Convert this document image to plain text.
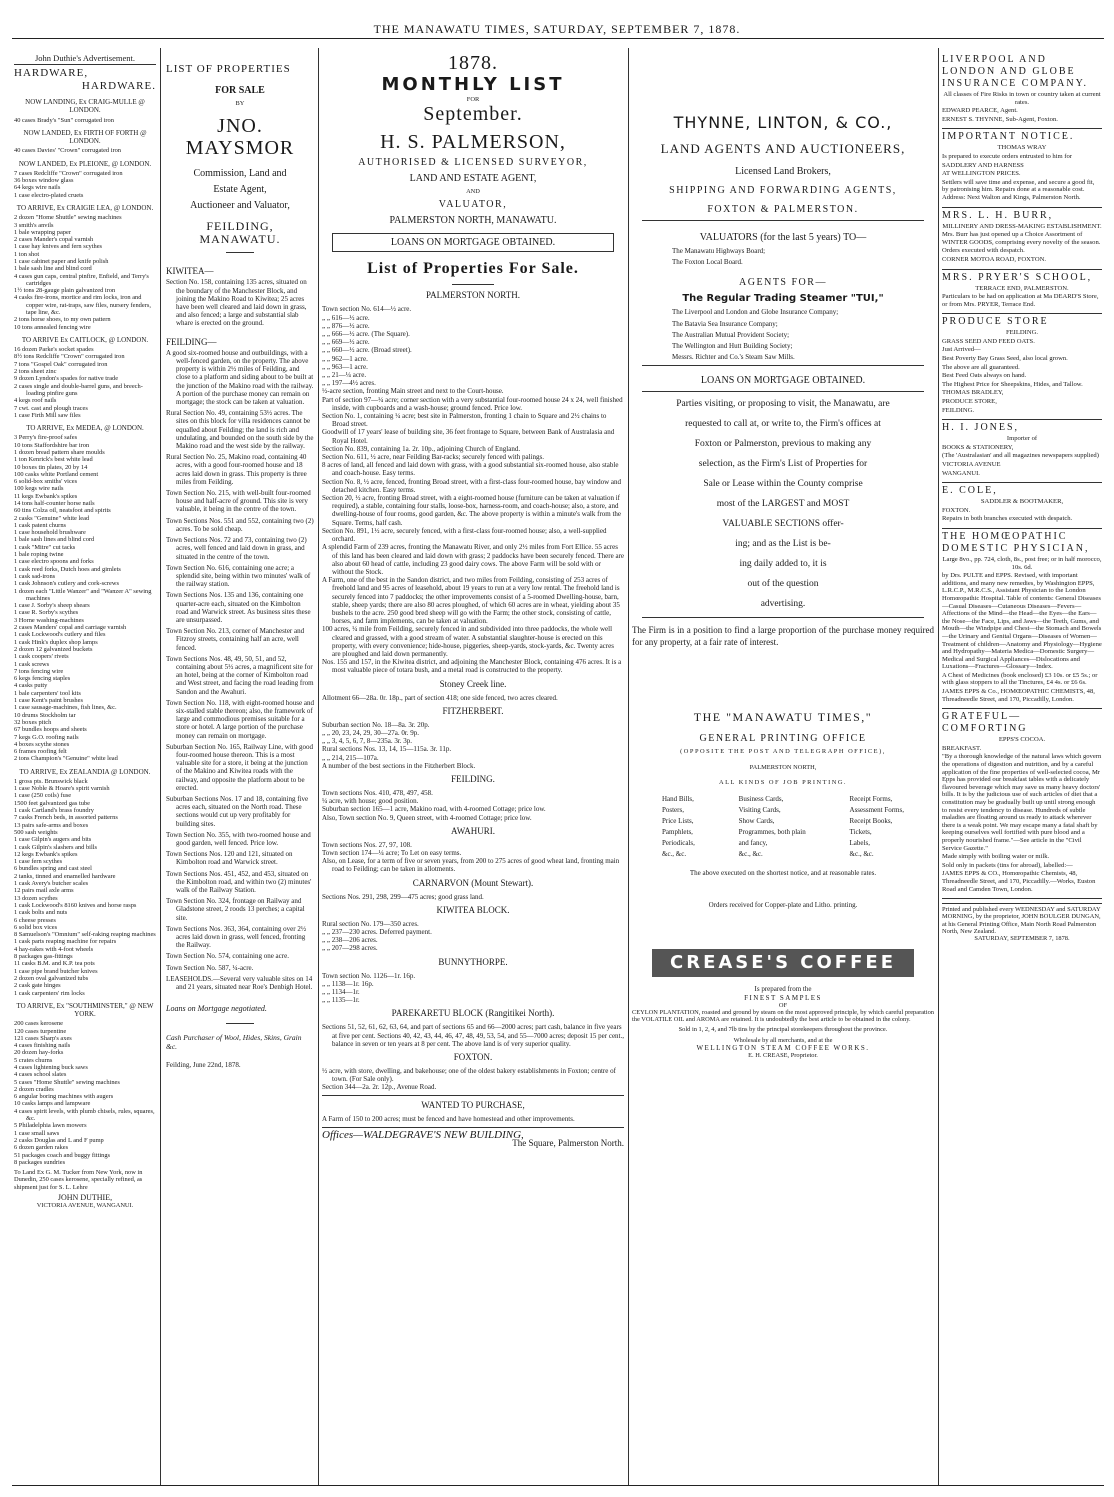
THE MANAWATU TIMES, SATURDAY, SEPTEMBER 7, 1878.
John Duthie's Advertisement.
HARDWARE,
HARDWARE.
NOW LANDING, Ex CRAIG-MULLE @ LONDON.
40 cases Brady's "Sun" corrugated iron
NOW LANDED, Ex FIRTH OF FORTH @ LONDON.
40 cases Davies' "Crown" corrugated iron
NOW LANDED, Ex PLEIONE, @ LONDON.
7 cases Redcliffe "Crown" corrugated iron
36 boxes window glass
64 kegs wire nails
1 case electro-plated cruets
TO ARRIVE, Ex CRAIGIE LEA, @ LONDON.
2 dozen "Home Shuttle" sewing machines
3 smith's anvils
1 bale wrapping paper
2 cases Mander's copal varnish
1 case hay knives and fern scythes
1 ton shot
1 case cabinet paper and knife polish
1 bale sash line and blind cord
4 cases gun caps, central pinfire, Enfield, and Terry's cartridges
1½ tons 28-gauge plain galvanized iron
4 casks fire-irons, mortice and rim locks, iron and copper wire, rat-traps, saw files, nursery fenders, tape line, &c.
2 tons horse shoes, to my own pattern
10 tons annealed fencing wire
TO ARRIVE Ex CAITLOCK, @ LONDON.
16 dozen Parke's socket spades
8½ tons Redcliffe "Crown" corrugated iron
7 tons "Gospel Oak" corrugated iron
2 tons sheet zinc
9 dozen Lyndon's spades for native trade
2 cases single and double-barrel guns, and breech-loading pinfire guns
4 kegs roof nails
7 cwt. cast and plough traces
1 case Firth Mill saw files
TO ARRIVE, Ex MEDEA, @ LONDON.
3 Perry's fire-proof safes
10 tons Staffordshire bar iron
1 dozen bread pattern share moulds
1 ton Kenrick's best white lead
10 boxes tin plates, 20 by 14
100 casks white Portland cement
6 solid-box smiths' vices
100 kegs wire nails
11 kegs Ewbank's spikes
14 tons half-counter horse nails
60 tins Colza oil, neatsfoot and spirits
2 casks "Genuine" white lead
1 cask patent churns
1 case household brushware
1 bale sash lines and blind cord
1 cask "Mitre" cut tacks
1 bale roping twine
1 case electro spoons and forks
1 cask reed forks, Dutch hoes and gimlets
1 cask sad-irons
1 cask Johnson's cutlery and cork-screws
1 dozen each "Little Wanzer" and "Wanzer A" sewing machines
1 case J. Sorby's sheep shears
1 case R. Sorby's scythes
3 Horne washing-machines
2 cases Manders' copal and carriage varnish
1 cask Lockwood's cutlery and files
1 cask Hink's duplex shop lamps
2 dozen 12 galvanized buckets
1 cask coopers' rivets
1 cask screws
7 tons fencing wire
6 kegs fencing staples
4 casks putty
1 bale carpenters' tool kits
1 case Kent's paint brushes
1 case sausage-machines, fish lines, &c.
10 drums Stockholm tar
32 boxes pitch
67 bundles hoops and sheets
7 kegs G.O. roofing nails
4 boxes scythe stones
6 frames roofing felt
2 tons Champion's "Genuine" white lead
TO ARRIVE, Ex ZEALANDIA @ LONDON.
1 gross pts. Brunswick black
1 case Noble & Hoare's spirit varnish
1 case (250 coils) fuse
1500 feet galvanized gas tube
1 cask Cartland's brass foundry
7 casks French beds, in assorted patterns
13 pairs safe-arms and boxes
500 sash weights
1 case Gilpin's augers and bits
1 cask Gilpin's slashers and bills
12 kegs Ewbank's spikes
1 case fern scythes
6 bundles spring and cast steel
2 tanks, tinned and enamelled hardware
1 cask Avery's butcher scales
12 pairs mail axle arms
13 dozen scythes
1 cask Lockwood's 8160 knives and horse rasps
1 cask bolts and nuts
6 cheese presses
6 solid box vices
8 Samuelson's "Omnium" self-raking reaping machines
1 cask parts reaping machine for repairs
4 hay-rakes with 4-foot wheels
8 packages gas-fittings
11 casks B.M. and K.P. tea pots
1 case pipe brand butcher knives
2 dozen oval galvanized tubs
2 cask gate hinges
1 cask carpenters' rim locks
TO ARRIVE, Ex "SOUTHMINSTER," @ NEW YORK.
200 cases kerosene
120 cases turpentine
121 cases Sharp's axes
4 cases finishing nails
20 dozen hay-forks
5 crates churns
4 cases lightening buck saws
4 cases school slates
5 cases "Home Shuttle" sewing machines
2 dozen cradles
6 angular boring machines with augers
10 casks lamps and lampware
4 cases spirit levels, with plumb chisels, rules, squares, &c.
5 Philadelphia lawn mowers
1 case small saws
2 casks Douglas and L and F pump
6 dozen garden rakes
51 packages coach and buggy fittings
8 packages sundries
To Land Ex G. M. Tucker from New York, now in Dunedin, 250 cases kerosene, specially refined, as shipment just for S. L. Lehre
JOHN DUTHIE,
VICTORIA AVENUE, WANGANUI.
LIST OF PROPERTIES
FOR SALE
BY
JNO. MAYSMOR
Commission, Land and
Estate Agent,
Auctioneer and Valuator,
FEILDING, MANAWATU.
KIWITEA—
Section No. 158, containing 135 acres, situated on the boundary of the Manchester Block, and joining the Makino Road to Kiwitea; 25 acres have been well cleared and laid down in grass, and also fenced; a large and substantial slab whare is erected on the ground.
FEILDING—
A good six-roomed house and outbuildings, with a well-fenced garden, on the property. The above property is within 2½ miles of Feilding, and close to a platform and siding about to be built at the junction of the Makino road with the railway. A portion of the purchase money can remain on mortgage; the stock can be taken at valuation.
Rural Section No. 49, containing 53½ acres. The sites on this block for villa residences cannot be equalled about Feilding; the land is rich and undulating, and bounded on the south side by the Makino road and the west side by the railway.
Rural Section No. 25, Makino road, containing 40 acres, with a good four-roomed house and 18 acres laid down in grass. This property is three miles from Feilding.
Town Section No. 215, with well-built four-roomed house and half-acre of ground. This site is very valuable, it being in the centre of the town.
Town Sections Nos. 551 and 552, containing two (2) acres. To be sold cheap.
Town Sections Nos. 72 and 73, containing two (2) acres, well fenced and laid down in grass, and situated in the centre of the town.
Town Section No. 616, containing one acre; a splendid site, being within two minutes' walk of the railway station.
Town Sections Nos. 135 and 136, containing one quarter-acre each, situated on the Kimbolton road and Warwick street. As business sites these are unsurpassed.
Town Section No. 213, corner of Manchester and Fitzroy streets, containing half an acre, well fenced.
Town Sections Nos. 48, 49, 50, 51, and 52, containing about 5½ acres, a magnificent site for an hotel, being at the corner of Kimbolton road and West street, and facing the road leading from Sandon and the Awahuri.
Town Section No. 118, with eight-roomed house and six-stalled stable thereon; also, the framework of large and commodious premises suitable for a store or hotel. A large portion of the purchase money can remain on mortgage.
Suburban Section No. 165, Railway Line, with good four-roomed house thereon. This is a most valuable site for a store, it being at the junction of the Makino and Kiwitea roads with the railway, and opposite the platform about to be erected.
Suburban Sections Nos. 17 and 18, containing five acres each, situated on the North road. These sections would cut up very profitably for building sites.
Town Section No. 355, with two-roomed house and good garden, well fenced. Price low.
Town Sections Nos. 120 and 121, situated on Kimbolton road and Warwick street.
Town Sections Nos. 451, 452, and 453, situated on the Kimbolton road, and within two (2) minutes' walk of the Railway Station.
Town Section No. 324, frontage on Railway and Gladstone street, 2 roods 13 perches; a capital site.
Town Sections Nos. 363, 364, containing over 2½ acres laid down in grass, well fenced, fronting the Railway.
Town Section No. 574, containing one acre.
Town Section No. 587, ¼-acre.
LEASEHOLDS.—Several very valuable sites on 14 and 21 years, situated near Roe's Denbigh Hotel.
Loans on Mortgage negotiated.
Cash Purchaser of Wool, Hides, Skins, Grain &c.
Feilding, June 22nd, 1878.
1878.
MONTHLY LIST
FOR
September.
H. S. PALMERSON,
AUTHORISED & LICENSED SURVEYOR,
LAND AND ESTATE AGENT,
AND
VALUATOR,
PALMERSTON NORTH, MANAWATU.
LOANS ON MORTGAGE OBTAINED.
List of Properties For Sale.
PALMERSTON NORTH.
Town section No. 614—½ acre.
„ „ 616—½ acre.
„ „ 876—½ acre.
„ „ 666—½ acre. (The Square).
„ „ 669—½ acre.
„ „ 660—½ acre. (Broad street).
„ „ 962—1 acre.
„ „ 963—1 acre.
„ „ 21—¼ acre.
„ „ 197—4½ acres.
½-acre section, fronting Main street and next to the Court-house.
Part of section 97—¼ acre; corner section with a very substantial four-roomed house 24 x 24, well finished inside, with cupboards and a wash-house; ground fenced. Price low.
Section No. 1, containing ¼ acre; best site in Palmerston, fronting 1 chain to Square and 2½ chains to Broad street.
Goodwill of 17 years' lease of building site, 36 feet frontage to Square, between Bank of Australasia and Royal Hotel.
Section No. 839, containing 1a. 2r. 10p., adjoining Church of England.
Section No. 611, ½ acre, near Feilding Bar-racks; securely fenced with palings.
8 acres of land, all fenced and laid down with grass, with a good substantial six-roomed house, also stable and coach-house. Easy terms.
Section No. 8, ½ acre, fenced, fronting Broad street, with a first-class four-roomed house, bay window and detached kitchen. Easy terms.
Section 20, ½ acre, fronting Broad street, with a eight-roomed house (furniture can be taken at valuation if required), a stable, containing four stalls, loose-box, harness-room, and coach-house; also, a store, and dwelling-house of four rooms, good garden, &c. The above property is within a minute's walk from the Square. Terms, half cash.
Section No. 891, 1½ acre, securely fenced, with a first-class four-roomed house; also, a well-supplied orchard.
A splendid Farm of 239 acres, fronting the Manawatu River, and only 2½ miles from Fort Ellice. 55 acres of this land has been cleared and laid down with grass; 2 paddocks have been securely fenced. There are also about 60 head of cattle, including 23 good dairy cows. The above Farm will be sold with or without the Stock.
A Farm, one of the best in the Sandon district, and two miles from Feilding, consisting of 253 acres of freehold land and 95 acres of leasehold, about 19 years to run at a very low rental. The freehold land is securely fenced into 7 paddocks; the other improvements consist of a 5-roomed Dwelling-house, barn, stable, sheep yards; there are also 80 acres ploughed, of which 60 acres are in wheat, yielding about 35 bushels to the acre. 250 good bred sheep will go with the Farm; the other stock, consisting of cattle, horses, and farm implements, can be taken at valuation.
100 acres, ¼ mile from Feilding, securely fenced in and subdivided into three paddocks, the whole well cleared and grassed, with a good stream of water. A substantial slaughter-house is erected on this property, with every convenience; hide-house, piggeries, sheep-yards, stock-yards, &c. Twenty acres are ploughed and laid down permanently.
Nos. 155 and 157, in the Kiwitea district, and adjoining the Manchester Block, containing 476 acres. It is a most valuable piece of totara bush, and a metal road is constructed to the property.
Stoney Creek line.
Allotment 66—28a. 0r. 18p., part of section 418; one side fenced, two acres cleared.
FITZHERBERT.
Suburban section No. 18—8a. 3r. 20p.
„ „ 20, 23, 24, 29, 30—27a. 0r. 9p.
„ „ 3, 4, 5, 6, 7, 8—235a. 3r. 3p.
Rural sections Nos. 13, 14, 15—115a. 3r. 11p.
„ „ 214, 215—107a.
A number of the best sections in the Fitzherbert Block.
FEILDING.
Town sections Nos. 410, 478, 497, 458.
¼ acre, with house; good position.
Suburban section 165—1 acre, Makino road, with 4-roomed Cottage; price low.
Also, Town section No. 9, Queen street, with 4-roomed Cottage; price low.
AWAHURI.
Town sections Nos. 27, 97, 108.
Town section 174—¼ acre; To Let on easy terms.
Also, on Lease, for a term of five or seven years, from 200 to 275 acres of good wheat land, fronting main road to Feilding; can be taken in allotments.
CARNARVON (Mount Stewart).
Sections Nos. 291, 298, 299—475 acres; good grass land.
KIWITEA BLOCK.
Rural section No. 179—350 acres.
„ „ 237—230 acres. Deferred payment.
„ „ 238—206 acres.
„ „ 207—298 acres.
BUNNYTHORPE.
Town section No. 1126—1r. 16p.
„ „ 1138—1r. 16p.
„ „ 1134—1r.
„ „ 1135—1r.
PAREKARETU BLOCK (Rangitikei North).
Sections 51, 52, 61, 62, 63, 64, and part of sections 65 and 66—2000 acres; part cash, balance in five years at five per cent. Sections 40, 42, 43, 44, 46, 47, 48, 49, 53, 54, and 55—7000 acres; deposit 15 per cent., balance in seven or ten years at 8 per cent. The above land is of very superior quality.
FOXTON.
½ acre, with store, dwelling, and bakehouse; one of the oldest bakery establishments in Foxton; centre of town. (For Sale only).
Section 344—2a. 2r. 12p., Avenue Road.
WANTED TO PURCHASE,
A Farm of 150 to 200 acres; must be fenced and have homestead and other improvements.
Offices—WALDEGRAVE'S NEW BUILDING,
The Square, Palmerston North.
THYNNE, LINTON, & CO.,
LAND AGENTS AND AUCTIONEERS,
Licensed Land Brokers,
SHIPPING AND FORWARDING AGENTS,
FOXTON & PALMERSTON.
VALUATORS (for the last 5 years) TO—
The Manawatu Highways Board;
The Foxton Local Board.
AGENTS FOR—
The Regular Trading Steamer "TUI,"
The Liverpool and London and Globe Insurance Company;
The Batavia Sea Insurance Company;
The Australian Mutual Provident Society;
The Wellington and Hutt Building Society;
Messrs. Richter and Co.'s Steam Saw Mills.
LOANS ON MORTGAGE OBTAINED.
Parties visiting, or proposing to visit, the Manawatu, are
requested to call at, or write to, the Firm's offices at
Foxton or Palmerston, previous to making any
selection, as the Firm's List of Properties for
Sale or Lease within the County comprise
most of the LARGEST and MOST
VALUABLE SECTIONS offer-
ing; and as the List is be-
ing daily added to, it is
out of the question
advertising.
The Firm is in a position to find a large proportion of the purchase money required for any property, at a fair rate of interest.
THE "MANAWATU TIMES,"
GENERAL PRINTING OFFICE
(OPPOSITE THE POST AND TELEGRAPH OFFICE),
PALMERSTON NORTH,
ALL KINDS OF JOB PRINTING.
Hand Bills,
Posters,
Price Lists,
Pamphlets,
Periodicals,
&c., &c.
Business Cards,
Visiting Cards,
Show Cards,
Programmes, both plain
and fancy,
&c., &c.
Receipt Forms,
Assessment Forms,
Receipt Books,
Tickets,
Labels,
&c., &c.
The above executed on the shortest notice, and at reasonable rates.
Orders received for Copper-plate and Litho. printing.
CREASE'S COFFEE
Is prepared from the
FINEST SAMPLES
OF
CEYLON PLANTATION, roasted and ground by steam on the most approved principle, by which careful preparation the VOLATILE OIL and AROMA are retained. It is undoubtedly the best article to be obtained in the colony.
Sold in 1, 2, 4, and 7lb tins by the principal storekeepers throughout the province.
Wholesale by all merchants, and at the
WELLINGTON STEAM COFFEE WORKS.
E. H. CREASE, Proprietor.
LIVERPOOL AND LONDON AND GLOBE INSURANCE COMPANY.
All classes of Fire Risks in town or country taken at current rates.
EDWARD PEARCE, Agent.
ERNEST S. THYNNE, Sub-Agent, Foxton.
IMPORTANT NOTICE.
THOMAS WRAY
Is prepared to execute orders entrusted to him for
SADDLERY AND HARNESS
AT WELLINGTON PRICES.
Settlers will save time and expense, and secure a good fit, by patronising him. Repairs done at a reasonable cost. Address: Next Walton and Kings, Palmerston North.
MRS. L. H. BURR,
MILLINERY AND DRESS-MAKING ESTABLISHMENT.
Mrs. Burr has just opened up a Choice Assortment of WINTER GOODS, comprising every novelty of the season.
Orders executed with despatch.
CORNER MOTOA ROAD, FOXTON.
MRS. PRYER'S SCHOOL,
TERRACE END, PALMERSTON.
Particulars to be had on application at Ma DEARD'S Store, or from Mrs. PRYER, Terrace End.
PRODUCE STORE
FEILDING.
GRASS SEED AND FEED OATS.
Just Arrived—
Best Poverty Bay Grass Seed, also local grown.
The above are all guaranteed.
Best Feed Oats always on hand.
The Highest Price for Sheepskins, Hides, and Tallow.
THOMAS BRADLEY,
PRODUCE STORE,
FEILDING.
H. I. JONES,
Importer of
BOOKS & STATIONERY,
(The 'Australasian' and all magazines newspapers supplied)
VICTORIA AVENUE
WANGANUI.
E. COLE,
SADDLER & BOOTMAKER,
FOXTON.
Repairs in both branches executed with despatch.
THE HOMŒOPATHIC DOMESTIC PHYSICIAN,
Large 8vo., pp. 724, cloth, 8s., post free; or in half morocco, 10s. 6d.
by Drs. PULTE and EPPS. Revised, with important additions, and many new remedies, by Washington EPPS, L.R.C.P., M.R.C.S., Assistant Physician to the London Homœopathic Hospital. Table of contents: General Diseases—Casual Diseases—Cutaneous Diseases—Fevers—Affections of the Mind—the Head—the Eyes—the Ears—the Nose—the Face, Lips, and Jaws—the Teeth, Gums, and Mouth—the Windpipe and Chest—the Stomach and Bowels—the Urinary and Genital Organs—Diseases of Women—Treatment of children—Anatomy and Physiology—Hygiene and Hydropathy—Materia Medica—Domestic Surgery—Medical and Surgical Appliances—Dislocations and Luxations—Fractures—Glossary—Index.
A Chest of Medicines (book enclosed) £3 10s. or £5 5s.; or with glass stoppers to all the Tinctures, £4 4s. or £6 6s.
JAMES EPPS & Co., HOMŒOPATHIC CHEMISTS, 48, Threadneedle Street, and 170, Piccadilly, London.
GRATEFUL—COMFORTING
EPPS'S COCOA.
BREAKFAST.
"By a thorough knowledge of the natural laws which govern the operations of digestion and nutrition, and by a careful application of the fine properties of well-selected cocoa, Mr Epps has provided our breakfast tables with a delicately flavoured beverage which may save us many heavy doctors' bills. It is by the judicious use of such articles of diet that a constitution may be gradually built up until strong enough to resist every tendency to disease. Hundreds of subtle maladies are floating around us ready to attack wherever there is a weak point. We may escape many a fatal shaft by keeping ourselves well fortified with pure blood and a properly nourished frame."—See article in the "Civil Service Gazette."
Made simply with boiling water or milk.
Sold only in packets (tins for abroad), labelled:—
JAMES EPPS & CO., Homœopathic Chemists, 48, Threadneedle Street, and 170, Piccadilly.—Works, Euston Road and Camden Town, London.
Printed and published every WEDNESDAY and SATURDAY MORNING, by the proprietor, JOHN BOULGER DUNGAN, at his General Printing Office, Main North Road Palmerston North, New Zealand.
SATURDAY, SEPTEMBER 7, 1878.
